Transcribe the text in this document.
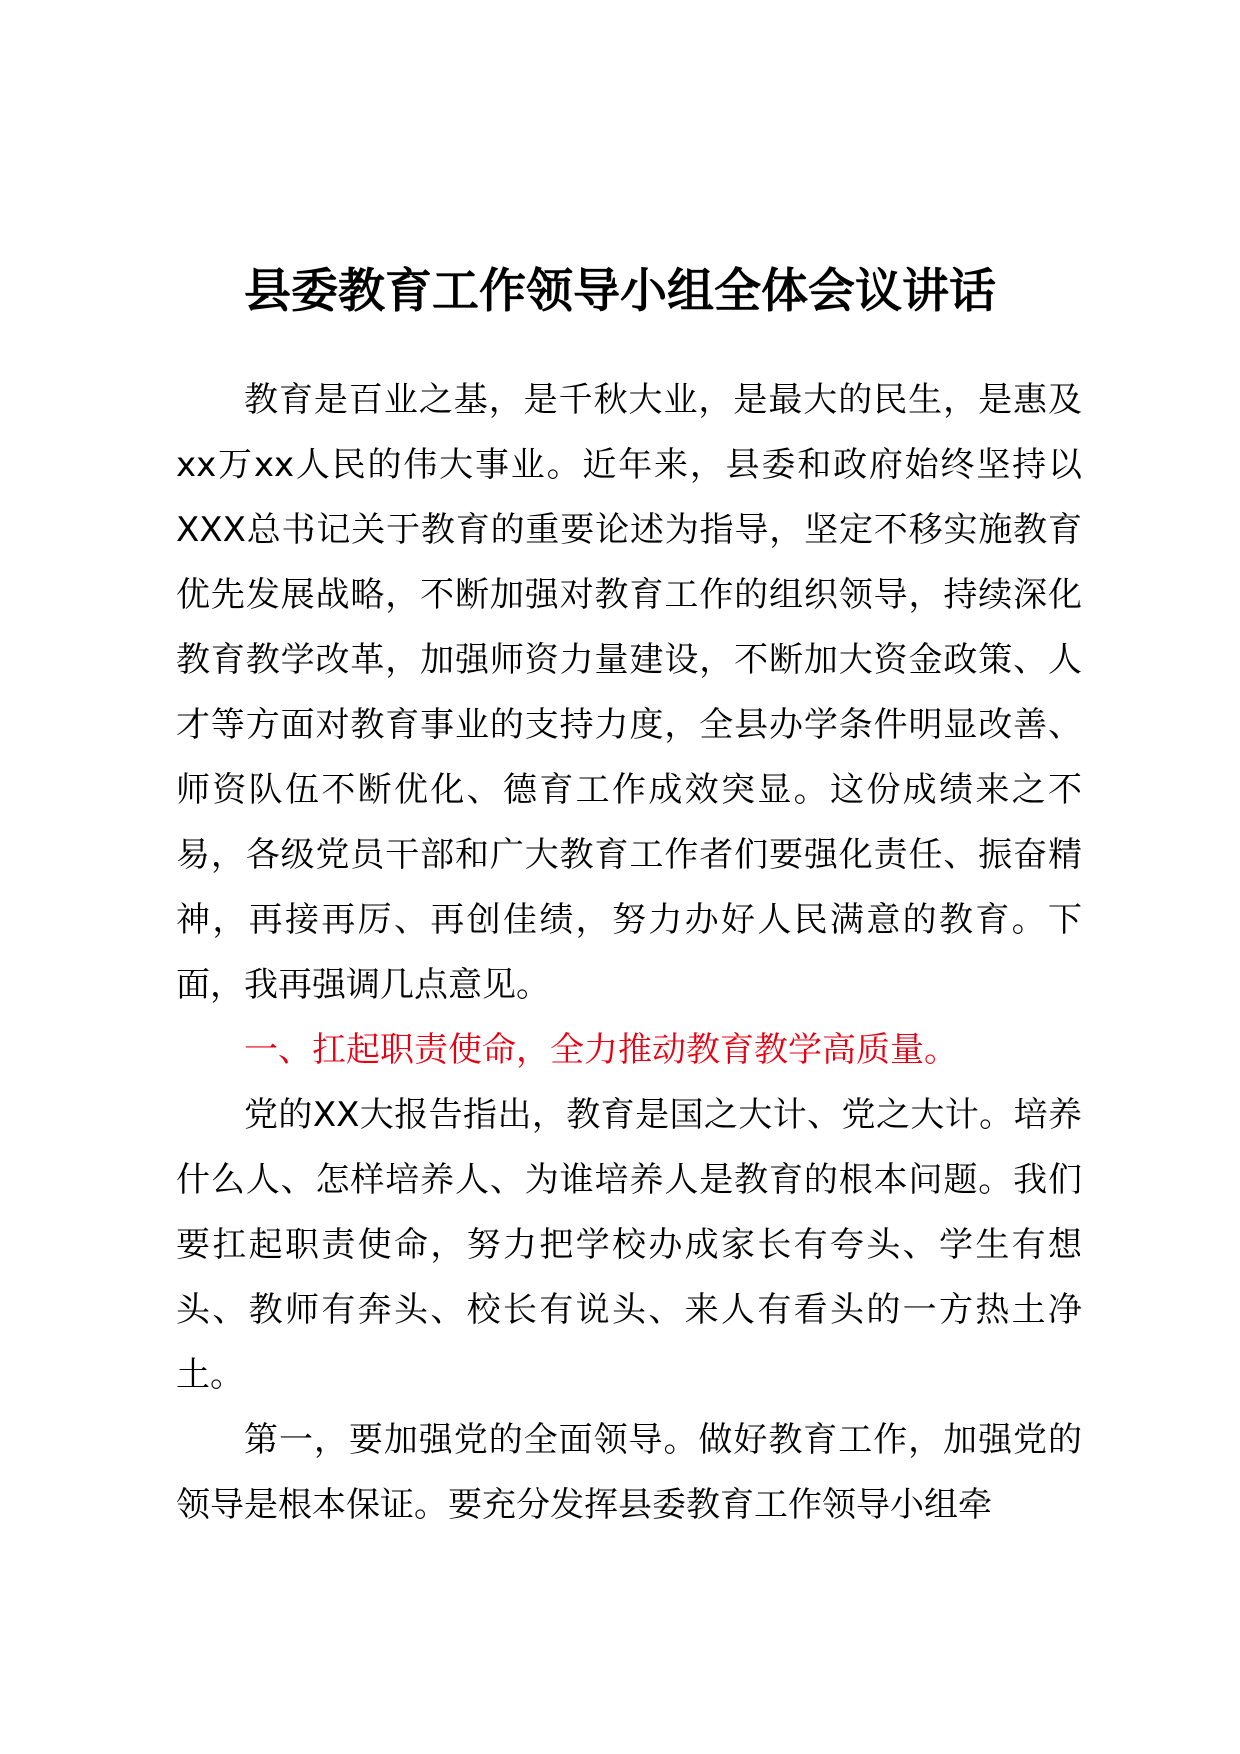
县委教育工作领导小组全体会议讲话

教育是百业之基，是千秋大业，是最大的民生，是惠及xx万xx人民的伟大事业。近年来，县委和政府始终坚持以XXX总书记关于教育的重要论述为指导，坚定不移实施教育优先发展战略，不断加强对教育工作的组织领导，持续深化教育教学改革，加强师资力量建设，不断加大资金政策、人才等方面对教育事业的支持力度，全县办学条件明显改善、师资队伍不断优化、德育工作成效突显。这份成绩来之不易，各级党员干部和广大教育工作者们要强化责任、振奋精神，再接再厉、再创佳绩，努力办好人民满意的教育。下面，我再强调几点意见。

一、扛起职责使命，全力推动教育教学高质量。

党的XX大报告指出，教育是国之大计、党之大计。培养什么人、怎样培养人、为谁培养人是教育的根本问题。我们要扛起职责使命，努力把学校办成家长有夸头、学生有想头、教师有奔头、校长有说头、来人有看头的一方热土净土。

第一，要加强党的全面领导。做好教育工作，加强党的领导是根本保证。要充分发挥县委教育工作领导小组牵
